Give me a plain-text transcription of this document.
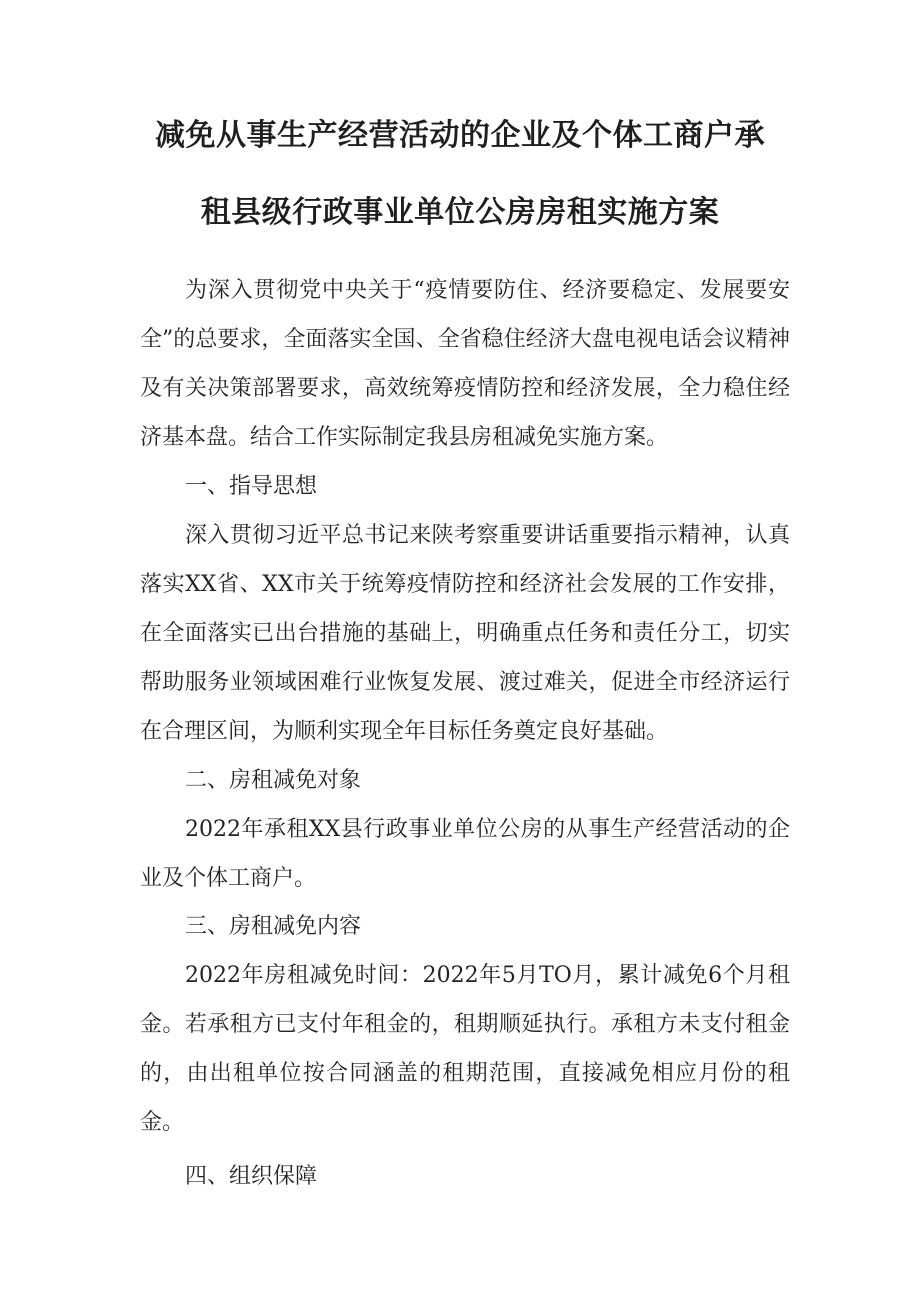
减免从事生产经营活动的企业及个体工商户承
租县级行政事业单位公房房租实施方案

为深入贯彻党中央关于“疫情要防住、经济要稳定、发展要安全”的总要求，全面落实全国、全省稳住经济大盘电视电话会议精神及有关决策部署要求，高效统筹疫情防控和经济发展，全力稳住经济基本盘。结合工作实际制定我县房租减免实施方案。

一、指导思想

深入贯彻习近平总书记来陕考察重要讲话重要指示精神，认真落实XX省、XX市关于统筹疫情防控和经济社会发展的工作安排，在全面落实已出台措施的基础上，明确重点任务和责任分工，切实帮助服务业领域困难行业恢复发展、渡过难关，促进全市经济运行在合理区间，为顺利实现全年目标任务奠定良好基础。

二、房租减免对象

2022年承租XX县行政事业单位公房的从事生产经营活动的企业及个体工商户。

三、房租减免内容

2022年房租减免时间：2022年5月TO月，累计减免6个月租金。若承租方已支付年租金的，租期顺延执行。承租方未支付租金的，由出租单位按合同涵盖的租期范围，直接减免相应月份的租金。

四、组织保障
